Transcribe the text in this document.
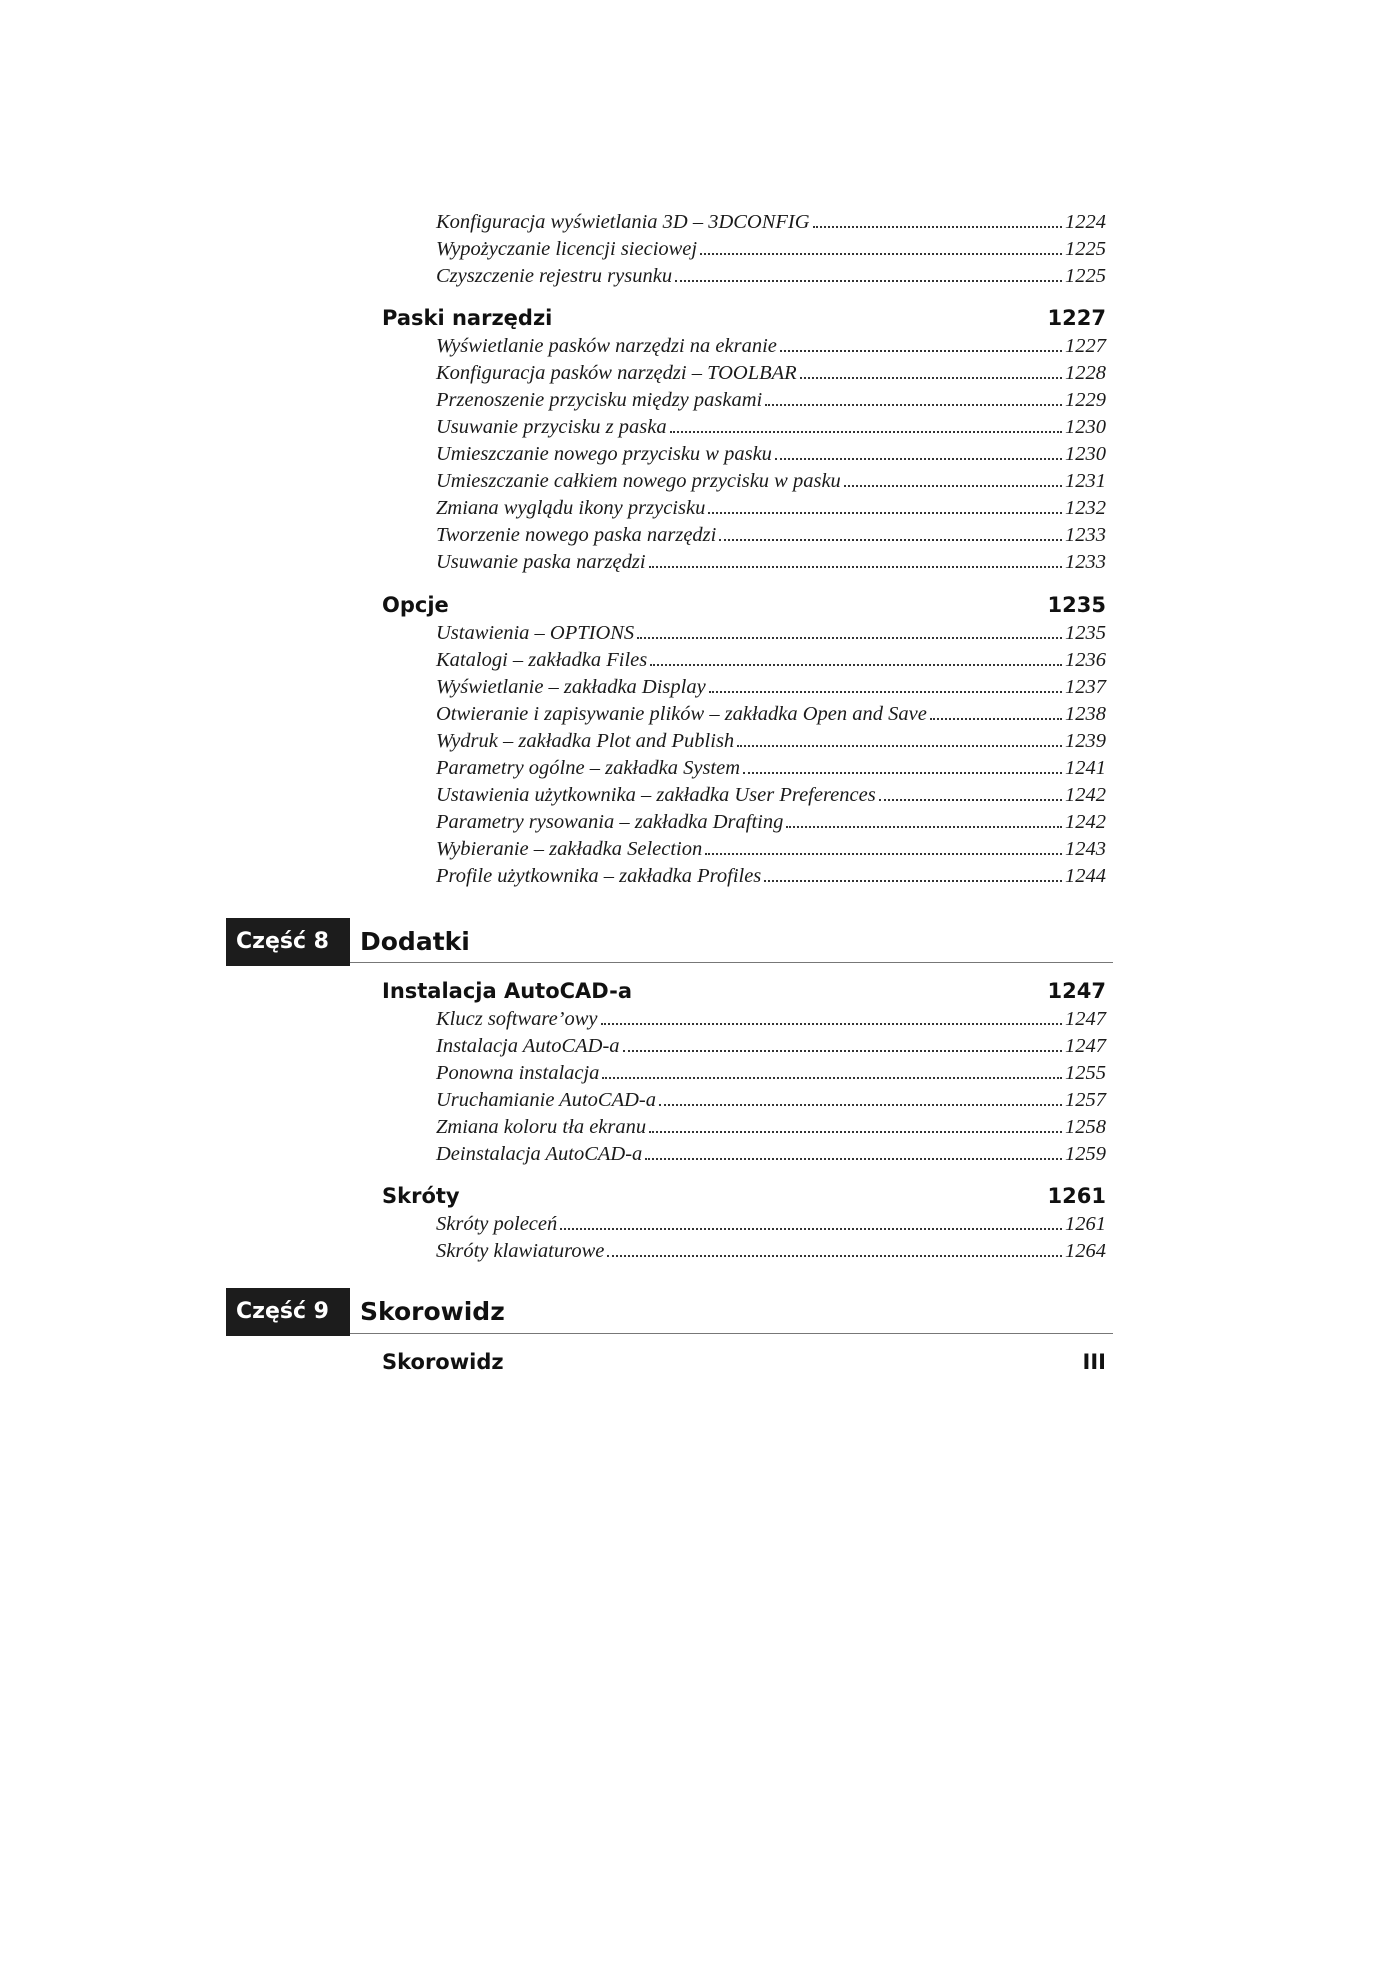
Konfiguracja wyświetlania 3D – 3DCONFIG	1224
Wypożyczanie licencji sieciowej	1225
Czyszczenie rejestru rysunku	1225
Paski narzędzi	1227
Wyświetlanie pasków narzędzi na ekranie	1227
Konfiguracja pasków narzędzi – TOOLBAR	1228
Przenoszenie przycisku między paskami	1229
Usuwanie przycisku z paska	1230
Umieszczanie nowego przycisku w pasku	1230
Umieszczanie całkiem nowego przycisku w pasku	1231
Zmiana wyglądu ikony przycisku	1232
Tworzenie nowego paska narzędzi	1233
Usuwanie paska narzędzi	1233
Opcje	1235
Ustawienia – OPTIONS	1235
Katalogi – zakładka Files	1236
Wyświetlanie – zakładka Display	1237
Otwieranie i zapisywanie plików – zakładka Open and Save	1238
Wydruk – zakładka Plot and Publish	1239
Parametry ogólne – zakładka System	1241
Ustawienia użytkownika – zakładka User Preferences	1242
Parametry rysowania – zakładka Drafting	1242
Wybieranie – zakładka Selection	1243
Profile użytkownika – zakładka Profiles	1244
Część 8	Dodatki
Instalacja AutoCAD-a	1247
Klucz software’owy	1247
Instalacja AutoCAD-a	1247
Ponowna instalacja	1255
Uruchamianie AutoCAD-a	1257
Zmiana koloru tła ekranu	1258
Deinstalacja AutoCAD-a	1259
Skróty	1261
Skróty poleceń	1261
Skróty klawiaturowe	1264
Część 9	Skorowidz
Skorowidz	III
